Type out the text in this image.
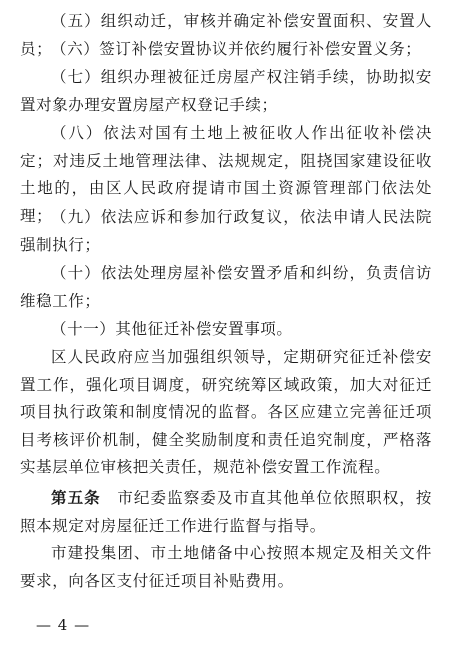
（五）组织动迁，审核并确定补偿安置面积、安置人员；

（六）签订补偿安置协议并依约履行补偿安置义务；

（七）组织办理被征迁房屋产权注销手续，协助拟安置对象办理安置房屋产权登记手续；

（八）依法对国有土地上被征收人作出征收补偿决定；对违反土地管理法律、法规规定，阻挠国家建设征收土地的，由区人民政府提请市国土资源管理部门依法处理；

（九）依法应诉和参加行政复议，依法申请人民法院强制执行；

（十）依法处理房屋补偿安置矛盾和纠纷，负责信访维稳工作；

（十一）其他征迁补偿安置事项。

区人民政府应当加强组织领导，定期研究征迁补偿安置工作，强化项目调度，研究统筹区域政策，加大对征迁项目执行政策和制度情况的监督。各区应建立完善征迁项目考核评价机制，健全奖励制度和责任追究制度，严格落实基层单位审核把关责任，规范补偿安置工作流程。

第五条　市纪委监察委及市直其他单位依照职权，按照本规定对房屋征迁工作进行监督与指导。

市建投集团、市土地储备中心按照本规定及相关文件要求，向各区支付征迁项目补贴费用。

— 4 —
